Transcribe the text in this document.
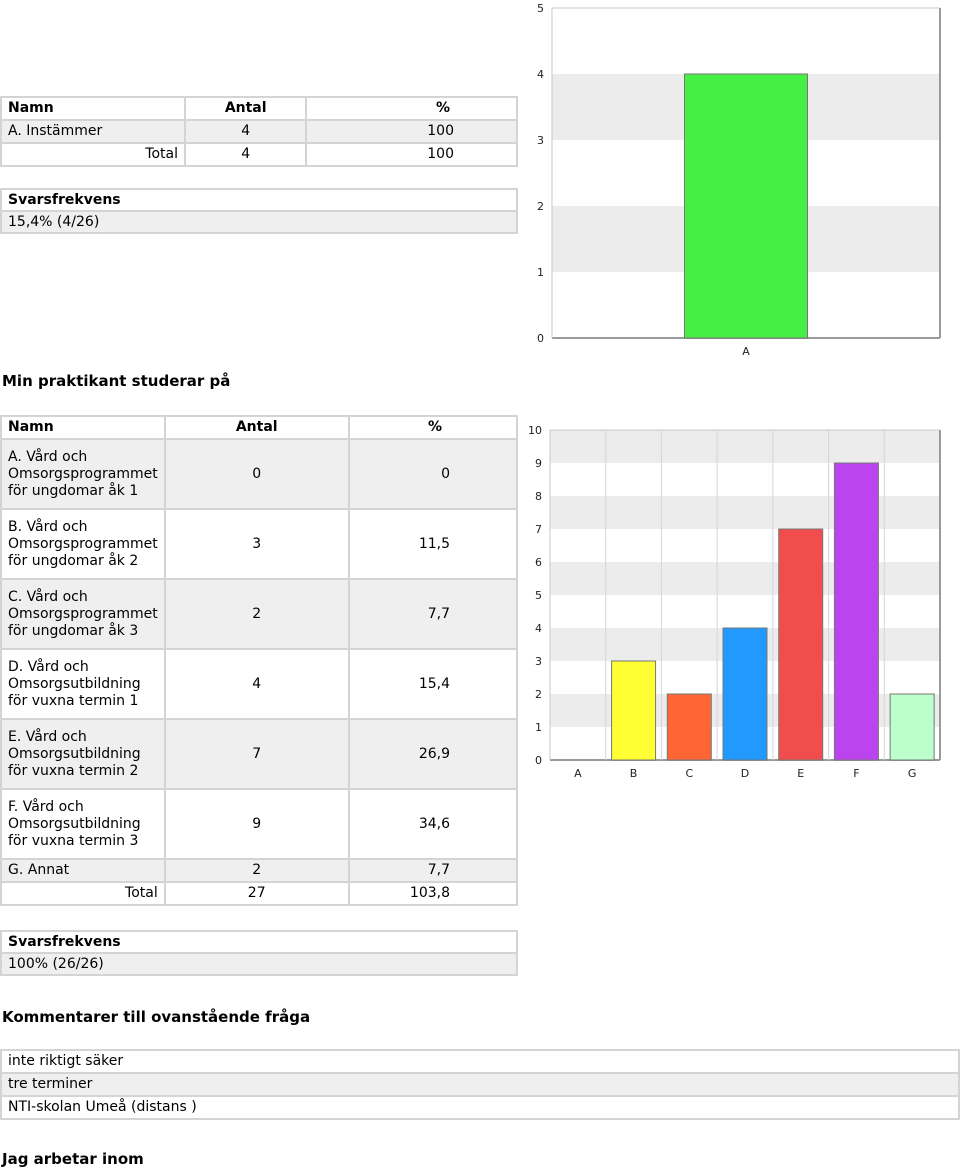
Namn	Antal	%
A. Instämmer	4	100
Total	4	100
Svarsfrekvens
15,4% (4/26)
0
1
2
3
4
5
A
Min praktikant studerar på
Namn	Antal	%
A. Vård och Omsorgsprogrammet för ungdomar åk 1	0	0
B. Vård och Omsorgsprogrammet för ungdomar åk 2	3	11,5
C. Vård och Omsorgsprogrammet för ungdomar åk 3	2	7,7
D. Vård och Omsorgsutbildning för vuxna termin 1	4	15,4
E. Vård och Omsorgsutbildning för vuxna termin 2	7	26,9
F. Vård och Omsorgsutbildning för vuxna termin 3	9	34,6
G. Annat	2	7,7
Total	27	103,8
Svarsfrekvens
100% (26/26)
0
1
2
3
4
5
6
7
8
9
10
A	B	C	D	E	F	G
Kommentarer till ovanstående fråga
inte riktigt säker
tre terminer
NTI-skolan Umeå (distans )
Jag arbetar inom
